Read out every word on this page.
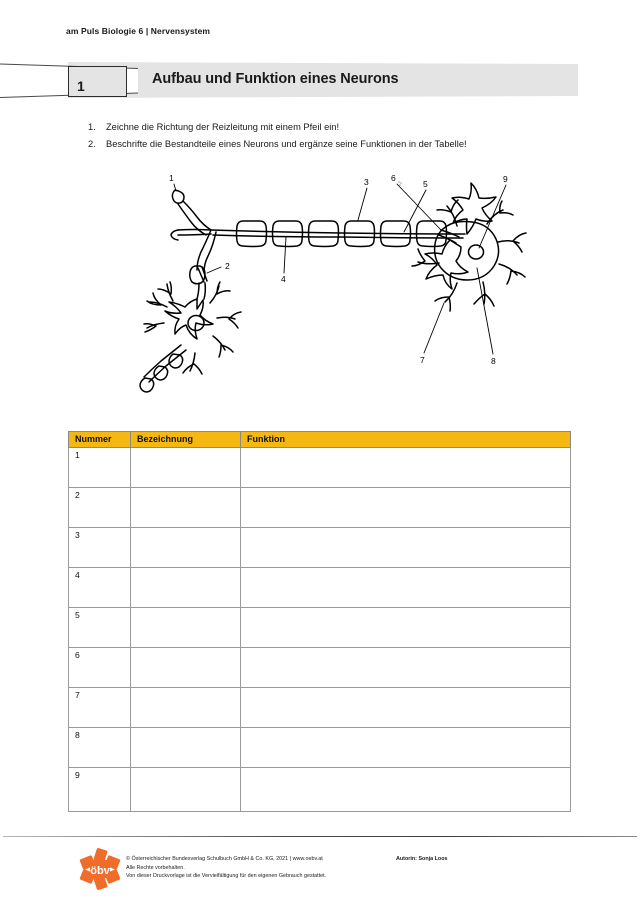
am Puls Biologie 6 | Nervensystem
1	Aufbau und Funktion eines Neurons
1.	Zeichne die Richtung der Reizleitung mit einem Pfeil ein!
2.	Beschrifte die Bestandteile eines Neurons und ergänze seine Funktionen in der Tabelle!
1
2
3
4
5
6
7	8
9
Nummer	Bezeichnung	Funktion
1		
2		
3		
4		
5		
6		
7		
8		
9		
öbv
© Österreichischer Bundesverlag Schulbuch GmbH & Co. KG, 2021 | www.oebv.at
Alle Rechte vorbehalten.
Von dieser Druckvorlage ist die Vervielfältigung für den eigenen Gebrauch gestattet.
Autorin: Sonja Loos
